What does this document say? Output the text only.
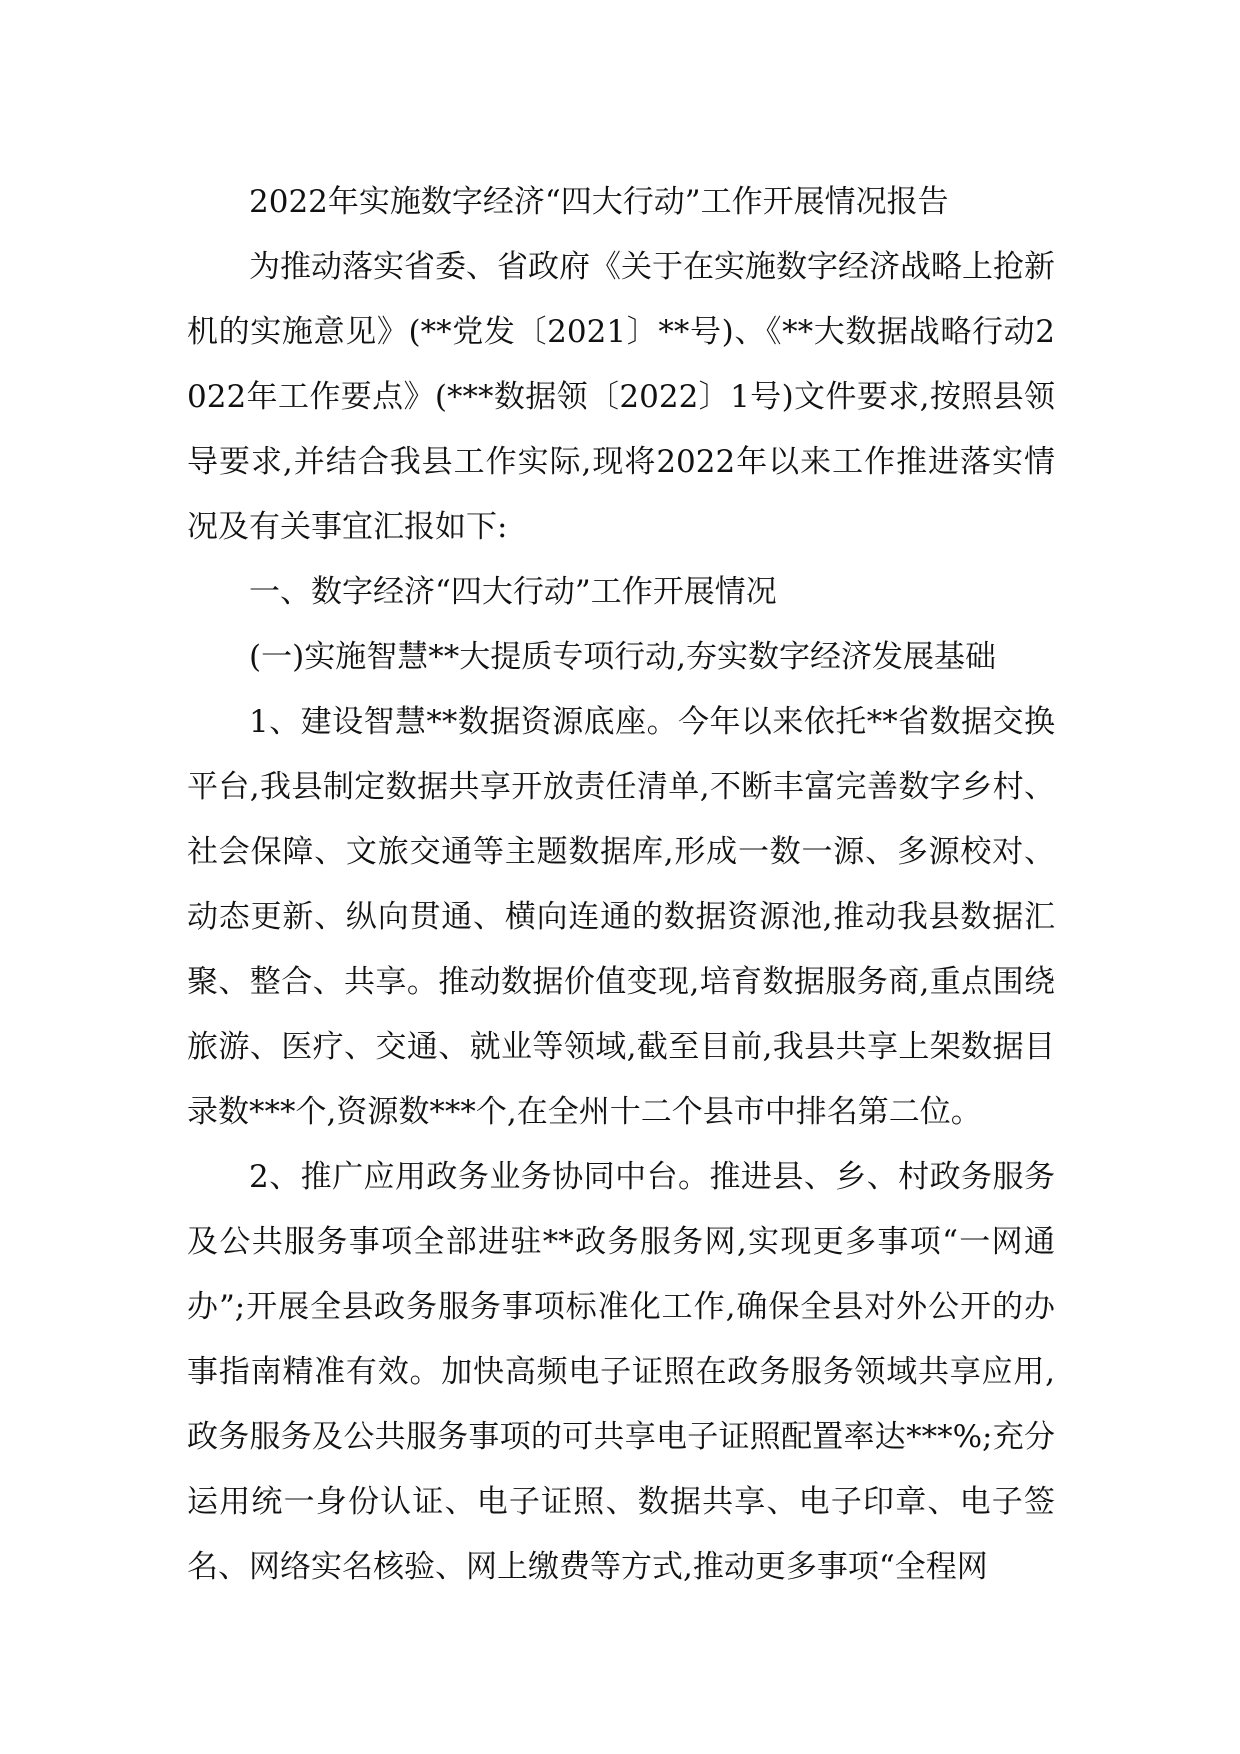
2022年实施数字经济“四大行动”工作开展情况报告

为推动落实省委、省政府《关于在实施数字经济战略上抢新机的实施意见》(**党发〔2021〕**号)、《**大数据战略行动2022年工作要点》(***数据领〔2022〕1号)文件要求,按照县领导要求,并结合我县工作实际,现将2022年以来工作推进落实情况及有关事宜汇报如下:

一、数字经济“四大行动”工作开展情况

(一)实施智慧**大提质专项行动,夯实数字经济发展基础

1、建设智慧**数据资源底座。今年以来依托**省数据交换平台,我县制定数据共享开放责任清单,不断丰富完善数字乡村、社会保障、文旅交通等主题数据库,形成一数一源、多源校对、动态更新、纵向贯通、横向连通的数据资源池,推动我县数据汇聚、整合、共享。推动数据价值变现,培育数据服务商,重点围绕旅游、医疗、交通、就业等领域,截至目前,我县共享上架数据目录数***个,资源数***个,在全州十二个县市中排名第二位。

2、推广应用政务业务协同中台。推进县、乡、村政务服务及公共服务事项全部进驻**政务服务网,实现更多事项“一网通办”;开展全县政务服务事项标准化工作,确保全县对外公开的办事指南精准有效。加快高频电子证照在政务服务领域共享应用,政务服务及公共服务事项的可共享电子证照配置率达***%;充分运用统一身份认证、电子证照、数据共享、电子印章、电子签名、网络实名核验、网上缴费等方式,推动更多事项“全程网
